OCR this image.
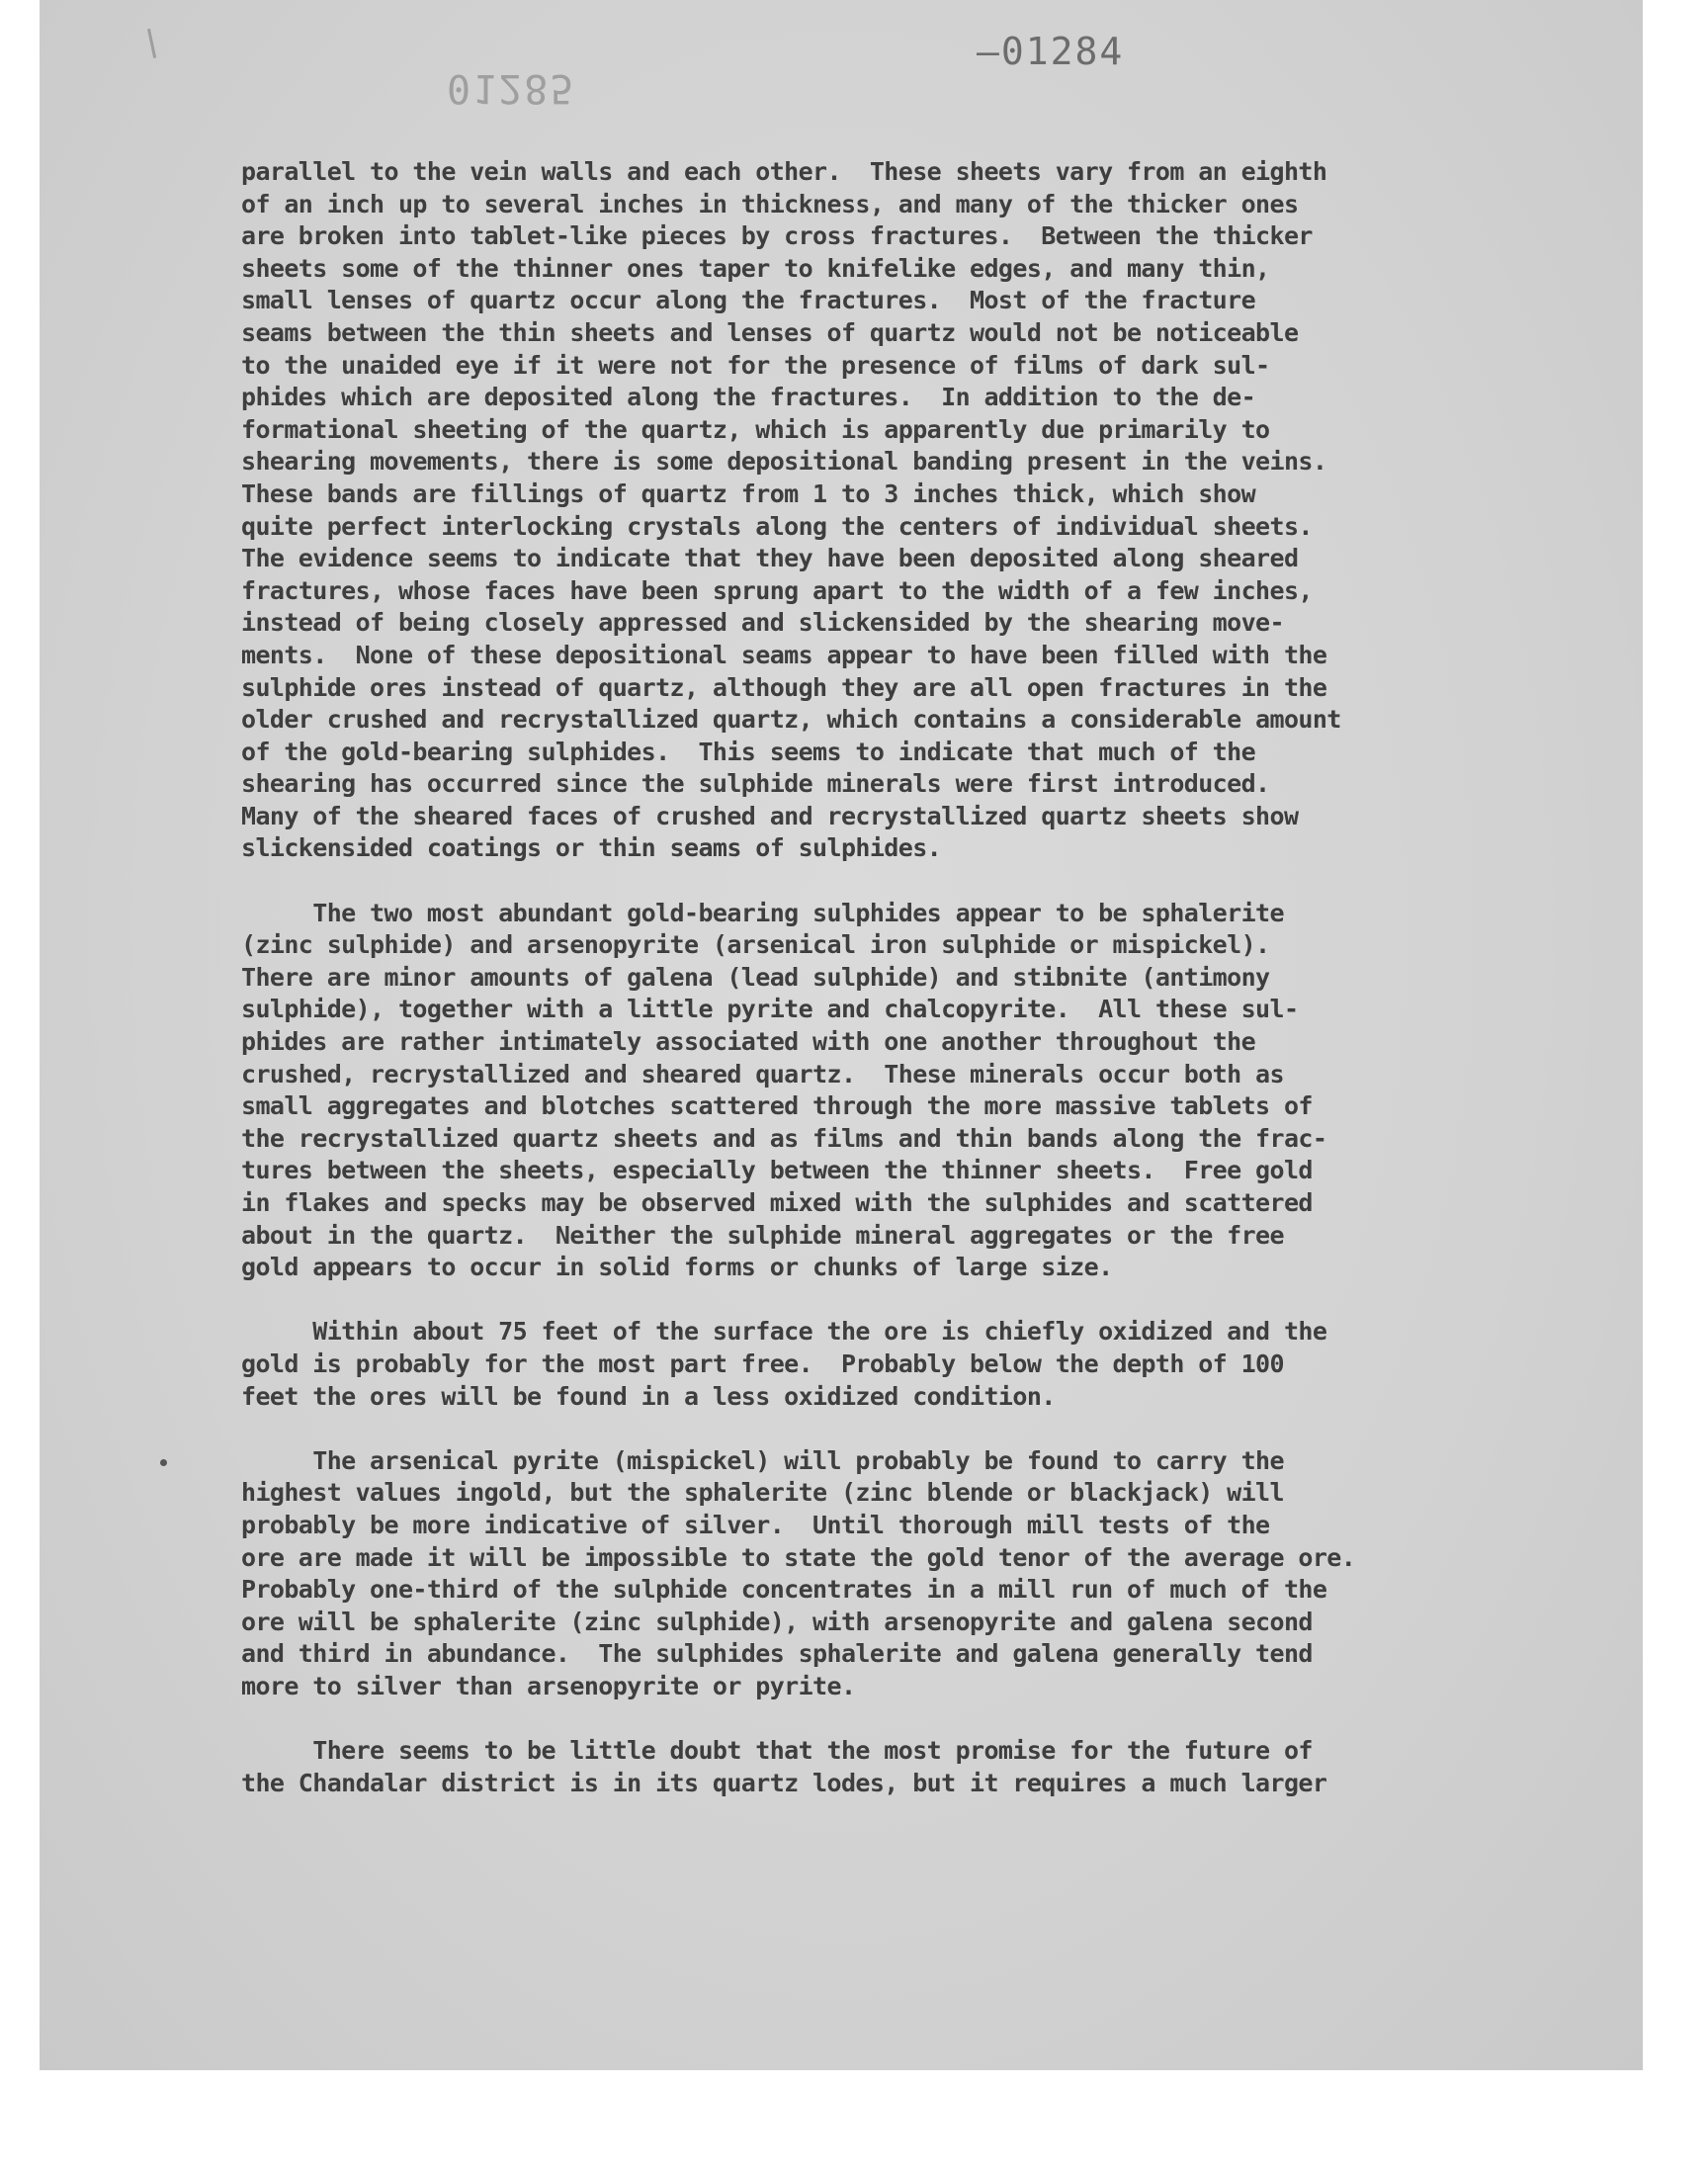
01285
–01284
parallel to the vein walls and each other.  These sheets vary from an eighth
of an inch up to several inches in thickness, and many of the thicker ones
are broken into tablet-like pieces by cross fractures.  Between the thicker
sheets some of the thinner ones taper to knifelike edges, and many thin,
small lenses of quartz occur along the fractures.  Most of the fracture
seams between the thin sheets and lenses of quartz would not be noticeable
to the unaided eye if it were not for the presence of films of dark sul-
phides which are deposited along the fractures.  In addition to the de-
formational sheeting of the quartz, which is apparently due primarily to
shearing movements, there is some depositional banding present in the veins.
These bands are fillings of quartz from 1 to 3 inches thick, which show
quite perfect interlocking crystals along the centers of individual sheets.
The evidence seems to indicate that they have been deposited along sheared
fractures, whose faces have been sprung apart to the width of a few inches,
instead of being closely appressed and slickensided by the shearing move-
ments.  None of these depositional seams appear to have been filled with the
sulphide ores instead of quartz, although they are all open fractures in the
older crushed and recrystallized quartz, which contains a considerable amount
of the gold-bearing sulphides.  This seems to indicate that much of the
shearing has occurred since the sulphide minerals were first introduced.
Many of the sheared faces of crushed and recrystallized quartz sheets show
slickensided coatings or thin seams of sulphides.
The two most abundant gold-bearing sulphides appear to be sphalerite
(zinc sulphide) and arsenopyrite (arsenical iron sulphide or mispickel).
There are minor amounts of galena (lead sulphide) and stibnite (antimony
sulphide), together with a little pyrite and chalcopyrite.  All these sul-
phides are rather intimately associated with one another throughout the
crushed, recrystallized and sheared quartz.  These minerals occur both as
small aggregates and blotches scattered through the more massive tablets of
the recrystallized quartz sheets and as films and thin bands along the frac-
tures between the sheets, especially between the thinner sheets.  Free gold
in flakes and specks may be observed mixed with the sulphides and scattered
about in the quartz.  Neither the sulphide mineral aggregates or the free
gold appears to occur in solid forms or chunks of large size.
Within about 75 feet of the surface the ore is chiefly oxidized and the
gold is probably for the most part free.  Probably below the depth of 100
feet the ores will be found in a less oxidized condition.
The arsenical pyrite (mispickel) will probably be found to carry the
highest values ingold, but the sphalerite (zinc blende or blackjack) will
probably be more indicative of silver.  Until thorough mill tests of the
ore are made it will be impossible to state the gold tenor of the average ore.
Probably one-third of the sulphide concentrates in a mill run of much of the
ore will be sphalerite (zinc sulphide), with arsenopyrite and galena second
and third in abundance.  The sulphides sphalerite and galena generally tend
more to silver than arsenopyrite or pyrite.
There seems to be little doubt that the most promise for the future of
the Chandalar district is in its quartz lodes, but it requires a much larger
